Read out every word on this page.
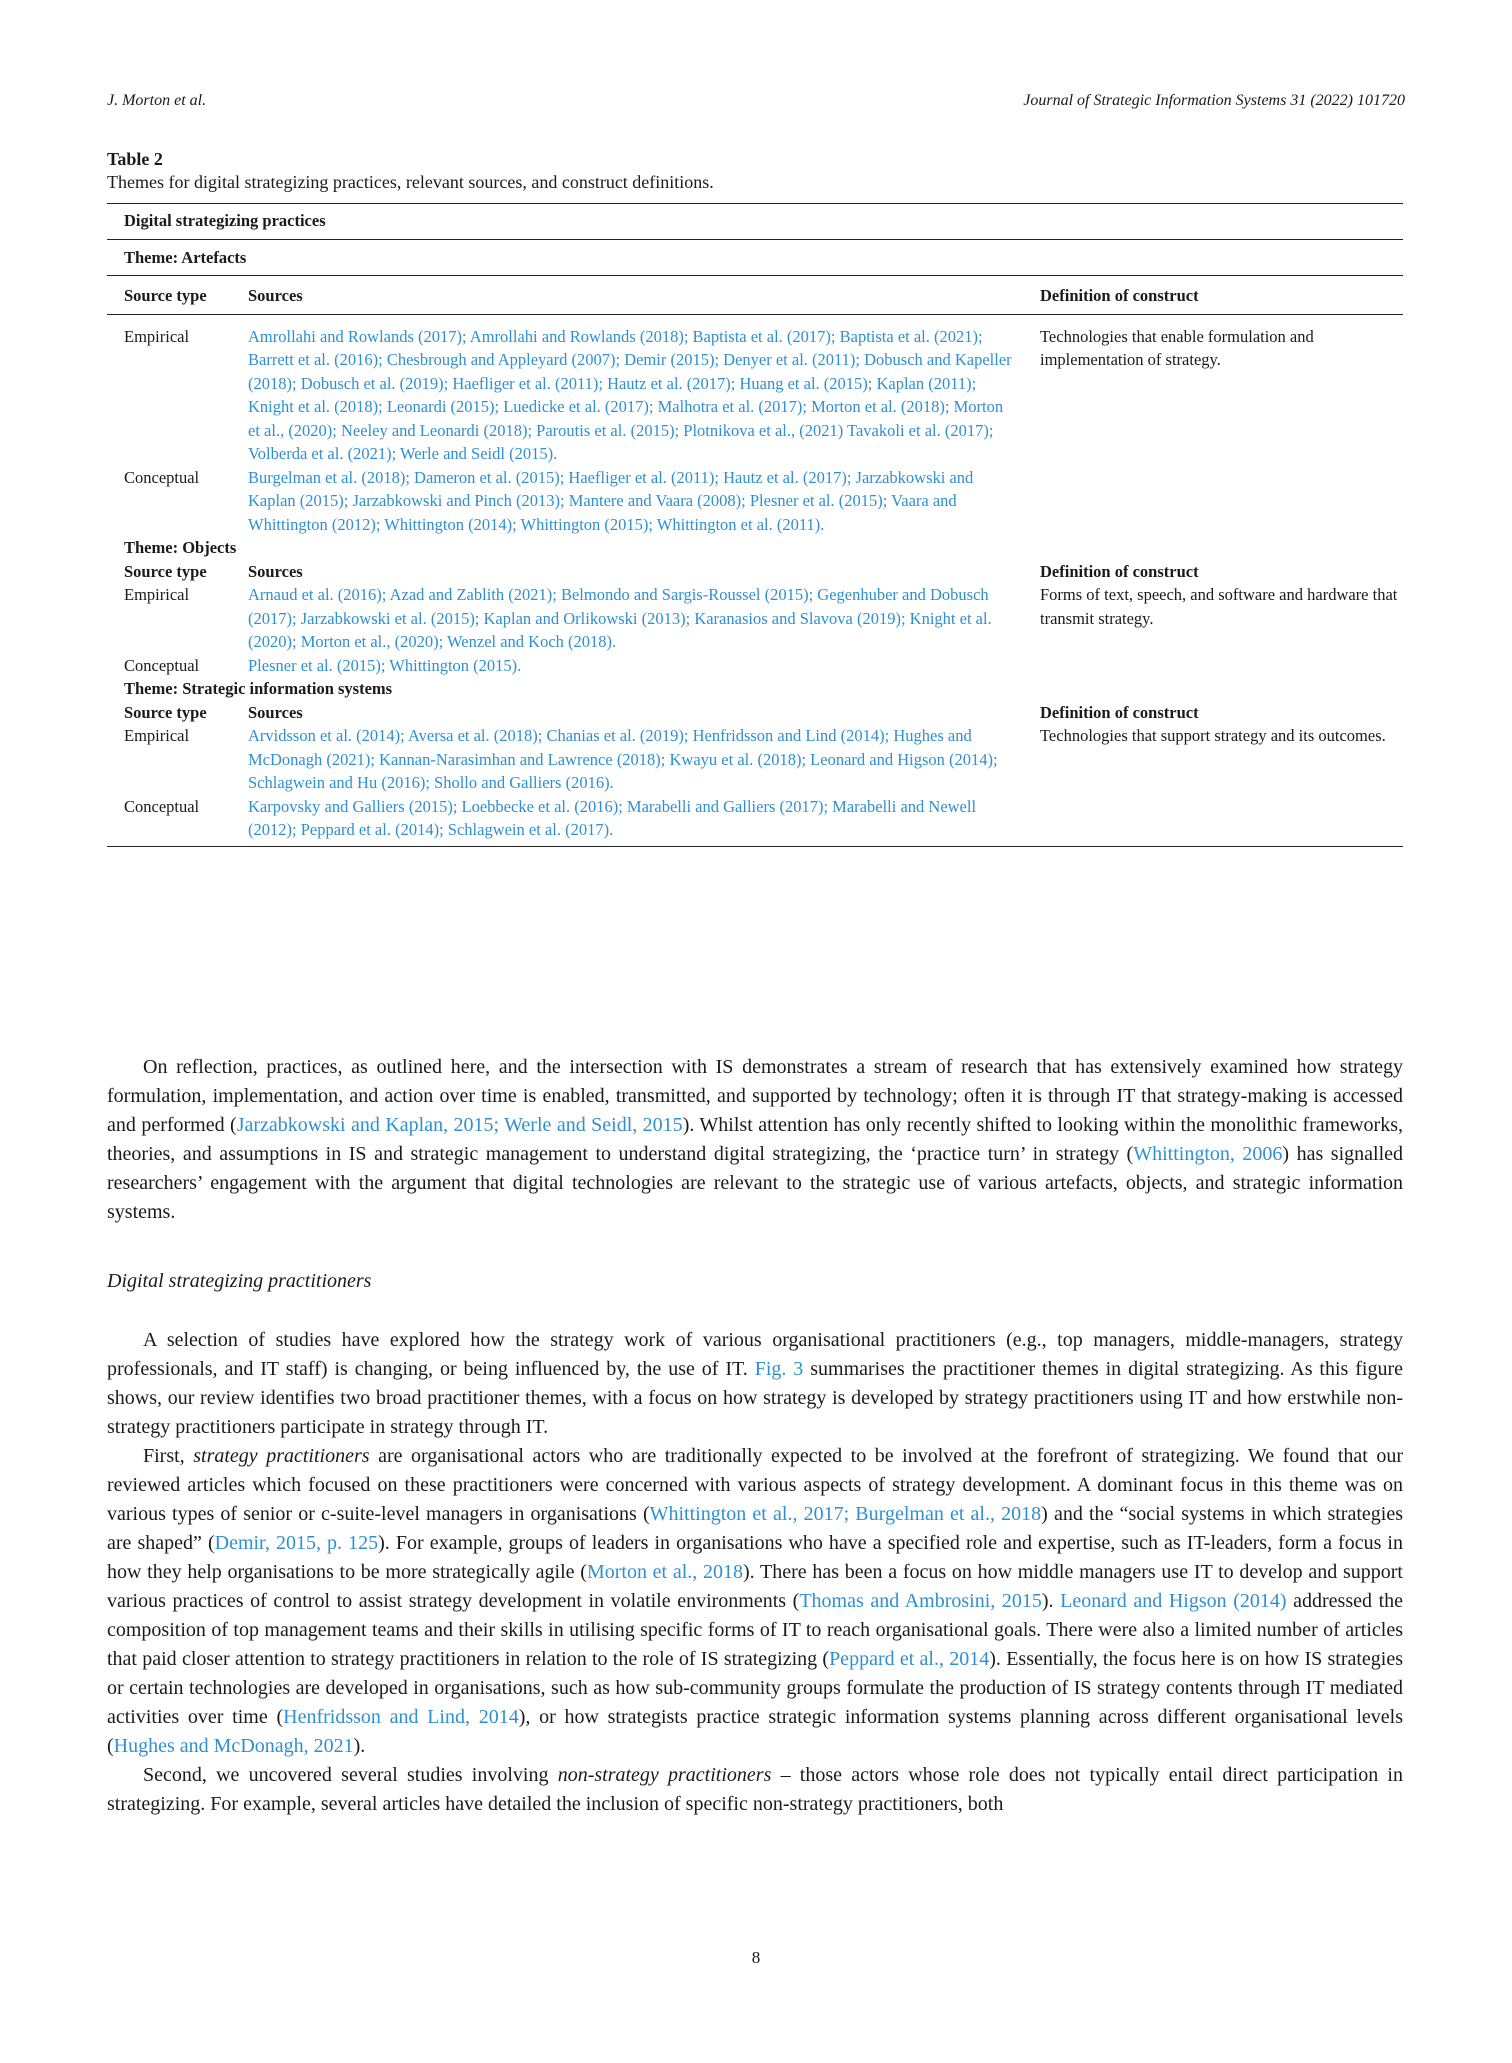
J. Morton et al.	Journal of Strategic Information Systems 31 (2022) 101720
Table 2
Themes for digital strategizing practices, relevant sources, and construct definitions.
Digital strategizing practices		
Theme: Artefacts		
Source type	Sources	Definition of construct
Empirical	Amrollahi and Rowlands (2017); Amrollahi and Rowlands (2018); Baptista et al. (2017); Baptista et al. (2021); Barrett et al. (2016); Chesbrough and Appleyard (2007); Demir (2015); Denyer et al. (2011); Dobusch and Kapeller (2018); Dobusch et al. (2019); Haefliger et al. (2011); Hautz et al. (2017); Huang et al. (2015); Kaplan (2011); Knight et al. (2018); Leonardi (2015); Luedicke et al. (2017); Malhotra et al. (2017); Morton et al. (2018); Morton et al., (2020); Neeley and Leonardi (2018); Paroutis et al. (2015); Plotnikova et al., (2021) Tavakoli et al. (2017); Volberda et al. (2021); Werle and Seidl (2015).	Technologies that enable formulation and implementation of strategy.
Conceptual	Burgelman et al. (2018); Dameron et al. (2015); Haefliger et al. (2011); Hautz et al. (2017); Jarzabkowski and Kaplan (2015); Jarzabkowski and Pinch (2013); Mantere and Vaara (2008); Plesner et al. (2015); Vaara and Whittington (2012); Whittington (2014); Whittington (2015); Whittington et al. (2011).	
Theme: Objects		
Source type	Sources	Definition of construct
Empirical	Arnaud et al. (2016); Azad and Zablith (2021); Belmondo and Sargis-Roussel (2015); Gegenhuber and Dobusch (2017); Jarzabkowski et al. (2015); Kaplan and Orlikowski (2013); Karanasios and Slavova (2019); Knight et al. (2020); Morton et al., (2020); Wenzel and Koch (2018).	Forms of text, speech, and software and hardware that transmit strategy.
Conceptual	Plesner et al. (2015); Whittington (2015).	
Theme: Strategic information systems		
Source type	Sources	Definition of construct
Empirical	Arvidsson et al. (2014); Aversa et al. (2018); Chanias et al. (2019); Henfridsson and Lind (2014); Hughes and McDonagh (2021); Kannan-Narasimhan and Lawrence (2018); Kwayu et al. (2018); Leonard and Higson (2014); Schlagwein and Hu (2016); Shollo and Galliers (2016).	Technologies that support strategy and its outcomes.
Conceptual	Karpovsky and Galliers (2015); Loebbecke et al. (2016); Marabelli and Galliers (2017); Marabelli and Newell (2012); Peppard et al. (2014); Schlagwein et al. (2017).	

On reflection, practices, as outlined here, and the intersection with IS demonstrates a stream of research that has extensively examined how strategy formulation, implementation, and action over time is enabled, transmitted, and supported by technology; often it is through IT that strategy-making is accessed and performed (Jarzabkowski and Kaplan, 2015; Werle and Seidl, 2015). Whilst attention has only recently shifted to looking within the monolithic frameworks, theories, and assumptions in IS and strategic management to understand digital strategizing, the ‘practice turn’ in strategy (Whittington, 2006) has signalled researchers’ engagement with the argument that digital technologies are relevant to the strategic use of various artefacts, objects, and strategic information systems.

Digital strategizing practitioners

A selection of studies have explored how the strategy work of various organisational practitioners (e.g., top managers, middle-managers, strategy professionals, and IT staff) is changing, or being influenced by, the use of IT. Fig. 3 summarises the practitioner themes in digital strategizing. As this figure shows, our review identifies two broad practitioner themes, with a focus on how strategy is developed by strategy practitioners using IT and how erstwhile non-strategy practitioners participate in strategy through IT.

First, strategy practitioners are organisational actors who are traditionally expected to be involved at the forefront of strategizing. We found that our reviewed articles which focused on these practitioners were concerned with various aspects of strategy development. A dominant focus in this theme was on various types of senior or c-suite-level managers in organisations (Whittington et al., 2017; Burgelman et al., 2018) and the “social systems in which strategies are shaped” (Demir, 2015, p. 125). For example, groups of leaders in organisations who have a specified role and expertise, such as IT-leaders, form a focus in how they help organisations to be more strategically agile (Morton et al., 2018). There has been a focus on how middle managers use IT to develop and support various practices of control to assist strategy development in volatile environments (Thomas and Ambrosini, 2015). Leonard and Higson (2014) addressed the composition of top management teams and their skills in utilising specific forms of IT to reach organisational goals. There were also a limited number of articles that paid closer attention to strategy practitioners in relation to the role of IS strategizing (Peppard et al., 2014). Essentially, the focus here is on how IS strategies or certain technologies are developed in organisations, such as how sub-community groups formulate the production of IS strategy contents through IT mediated activities over time (Henfridsson and Lind, 2014), or how strategists practice strategic information systems planning across different organisational levels (Hughes and McDonagh, 2021).

Second, we uncovered several studies involving non-strategy practitioners – those actors whose role does not typically entail direct participation in strategizing. For example, several articles have detailed the inclusion of specific non-strategy practitioners, both

8
